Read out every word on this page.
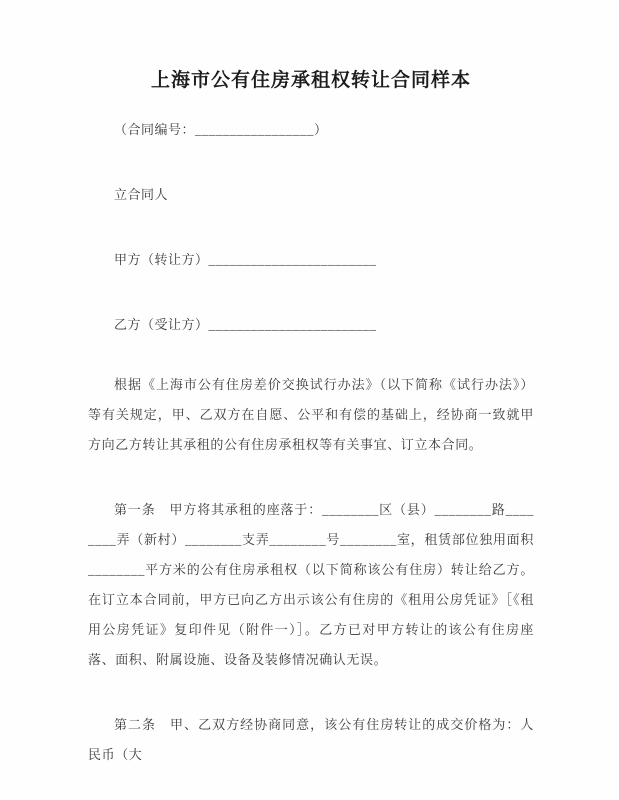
上海市公有住房承租权转让合同样本
（合同编号：_________________）
立合同人
甲方（转让方）________________________
乙方（受让方）________________________

根据《上海市公有住房差价交换试行办法》（以下简称《试行办法》）等有关规定，甲、乙双方在自愿、公平和有偿的基础上，经协商一致就甲方向乙方转让其承租的公有住房承租权等有关事宜、订立本合同。

第一条　甲方将其承租的座落于：________区（县）________路________弄（新村）________支弄________号________室，租赁部位独用面积________平方米的公有住房承租权（以下简称该公有住房）转让给乙方。在订立本合同前，甲方已向乙方出示该公有住房的《租用公房凭证》［《租用公房凭证》复印件见（附件一）］。乙方已对甲方转让的该公有住房座落、面积、附属设施、设备及装修情况确认无误。

第二条　甲、乙双方经协商同意，该公有住房转让的成交价格为：人民币（大
